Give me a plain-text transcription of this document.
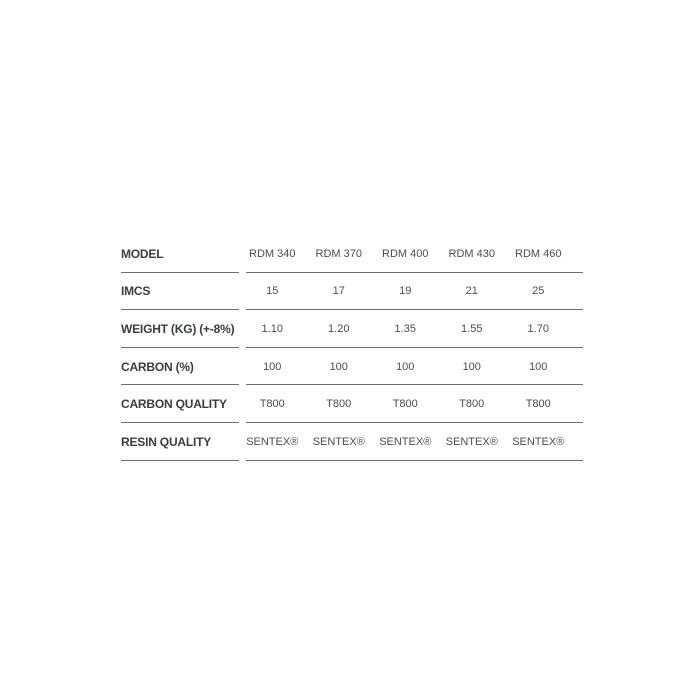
MODEL	RDM 340	RDM 370	RDM 400	RDM 430	RDM 460
IMCS	15	17	19	21	25
WEIGHT (KG) (+-8%)	1.10	1.20	1.35	1.55	1.70
CARBON (%)	100	100	100	100	100
CARBON QUALITY	T800	T800	T800	T800	T800
RESIN QUALITY	SENTEX®	SENTEX®	SENTEX®	SENTEX®	SENTEX®
